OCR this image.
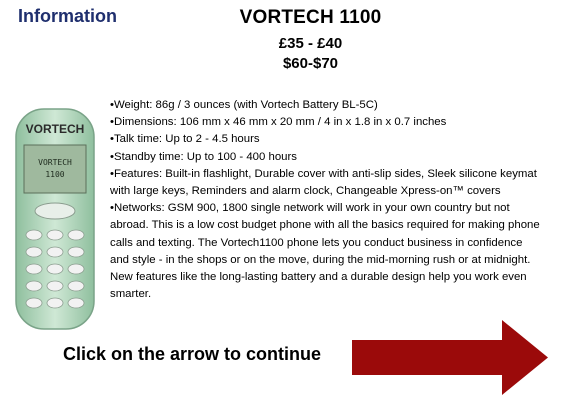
Information	VORTECH 1100
£35 - £40
$60-$70
VORTECH
VORTECH
1100

•Weight: 86g / 3 ounces (with Vortech Battery BL-5C)

•Dimensions: 106 mm x 46 mm x 20 mm / 4 in x 1.8 in x 0.7 inches

•Talk time: Up to 2 - 4.5 hours

•Standby time: Up to 100 - 400 hours

•Features: Built-in flashlight, Durable cover with anti-slip sides, Sleek silicone keymat with large keys, Reminders and alarm clock, Changeable Xpress-on™ covers

•Networks: GSM 900, 1800 single network will work in your own country but not abroad. This is a low cost budget phone with all the basics required for making phone calls and texting. The Vortech1100 phone lets you conduct business in confidence and style - in the shops or on the move, during the mid-morning rush or at midnight. New features like the long-lasting battery and a durable design help you work even smarter.

Click on the arrow to continue
